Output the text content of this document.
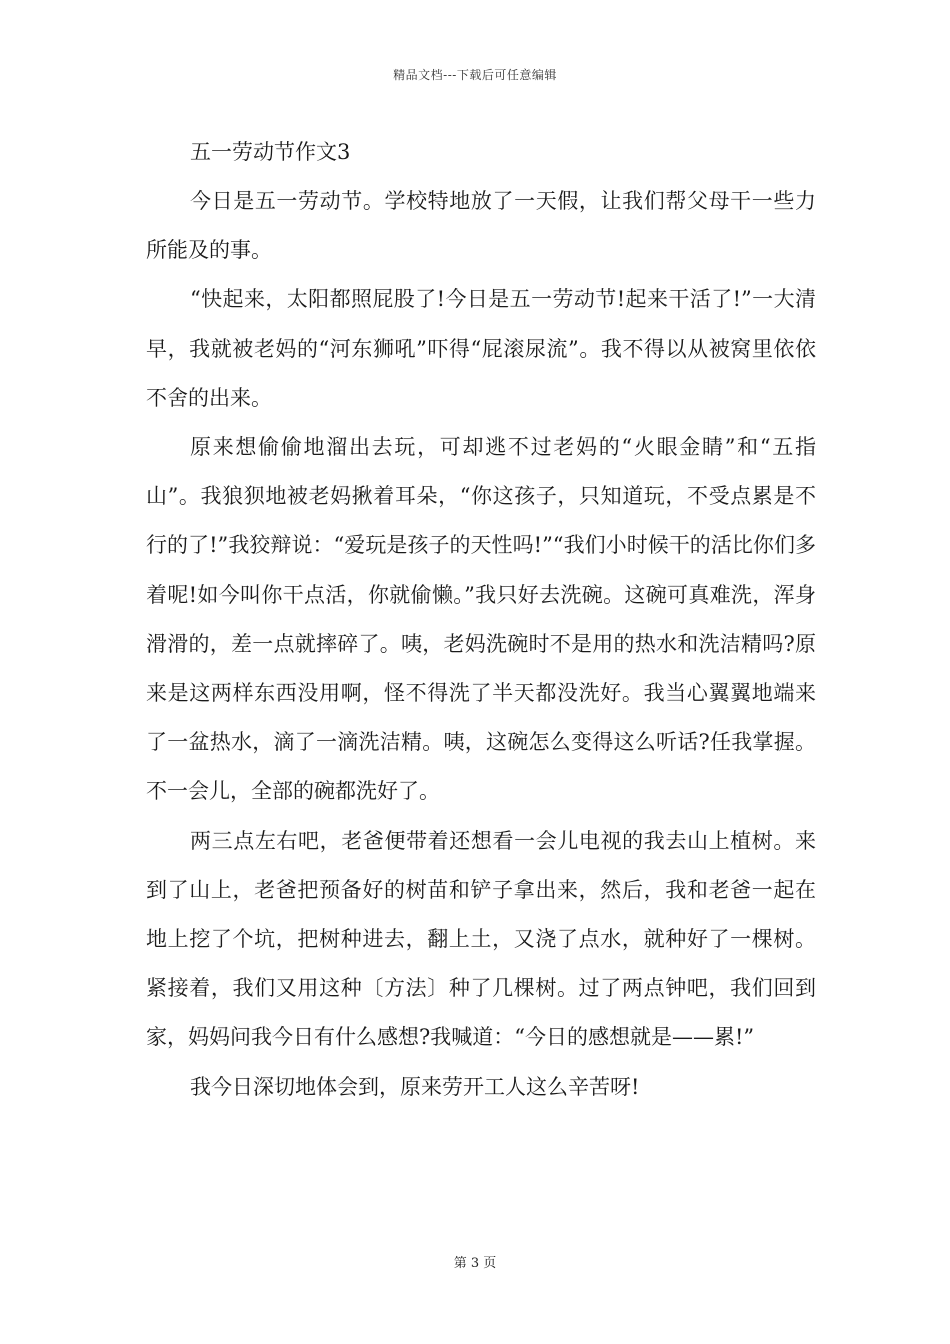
精品文档---下载后可任意编辑
五一劳动节作文3

今日是五一劳动节。学校特地放了一天假，让我们帮父母干一些力所能及的事。

“快起来，太阳都照屁股了!今日是五一劳动节!起来干活了!”一大清早，我就被老妈的“河东狮吼”吓得“屁滚尿流”。我不得以从被窝里依依不舍的出来。

原来想偷偷地溜出去玩，可却逃不过老妈的“火眼金睛”和“五指山”。我狼狈地被老妈揪着耳朵，“你这孩子，只知道玩，不受点累是不行的了!”我狡辩说：“爱玩是孩子的天性吗!”“我们小时候干的活比你们多着呢!如今叫你干点活，你就偷懒。”我只好去洗碗。这碗可真难洗，浑身滑滑的，差一点就摔碎了。咦，老妈洗碗时不是用的热水和洗洁精吗?原来是这两样东西没用啊，怪不得洗了半天都没洗好。我当心翼翼地端来了一盆热水，滴了一滴洗洁精。咦，这碗怎么变得这么听话?任我掌握。不一会儿，全部的碗都洗好了。

两三点左右吧，老爸便带着还想看一会儿电视的我去山上植树。来到了山上，老爸把预备好的树苗和铲子拿出来，然后，我和老爸一起在地上挖了个坑，把树种进去，翻上土，又浇了点水，就种好了一棵树。紧接着，我们又用这种〔方法〕种了几棵树。过了两点钟吧，我们回到家，妈妈问我今日有什么感想?我喊道：“今日的感想就是——累!”

我今日深切地体会到，原来劳开工人这么辛苦呀!

第 3 页
